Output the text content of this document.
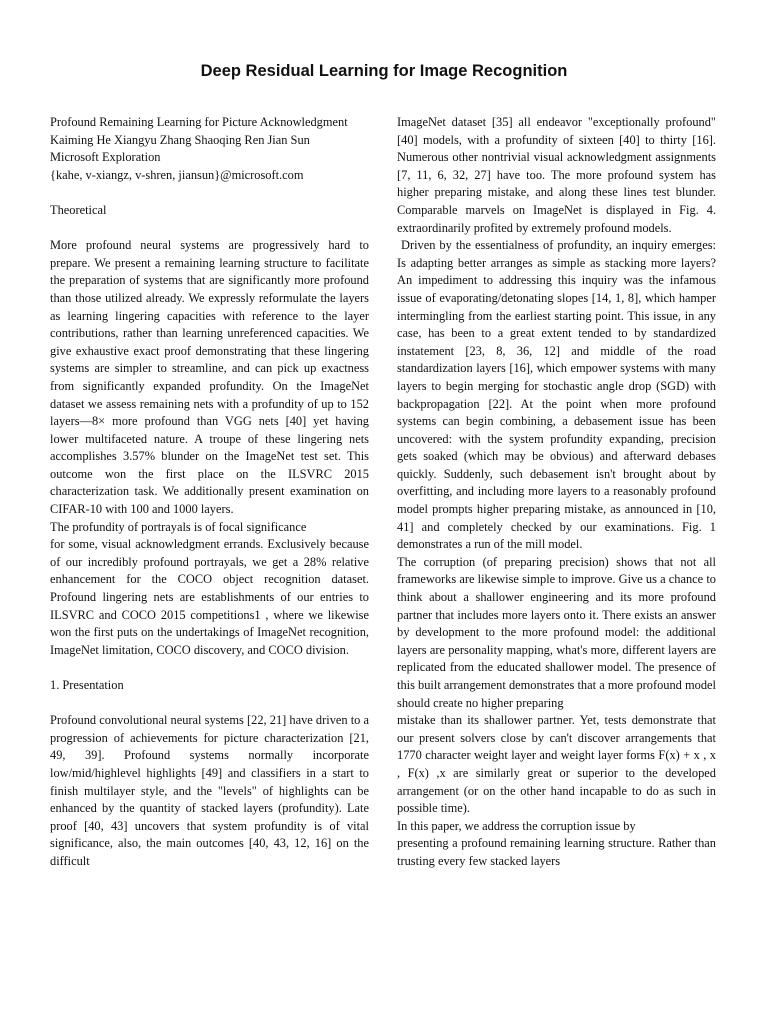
Deep Residual Learning for Image Recognition

Profound Remaining Learning for Picture Acknowledgment

Kaiming He Xiangyu Zhang Shaoqing Ren Jian Sun

Microsoft Exploration

{kahe, v-xiangz, v-shren, jiansun}@microsoft.com

Theoretical

More profound neural systems are progressively hard to prepare. We present a remaining learning structure to facilitate the preparation of systems that are significantly more profound than those utilized already. We expressly reformulate the layers as learning lingering capacities with reference to the layer contributions, rather than learning unreferenced capacities. We give exhaustive exact proof demonstrating that these lingering systems are simpler to streamline, and can pick up exactness from significantly expanded profundity. On the ImageNet dataset we assess remaining nets with a profundity of up to 152 layers—8× more profound than VGG nets [40] yet having lower multifaceted nature. A troupe of these lingering nets accomplishes 3.57% blunder on the ImageNet test set. This outcome won the first place on the ILSVRC 2015 characterization task. We additionally present examination on CIFAR-10 with 100 and 1000 layers.

The profundity of portrayals is of focal significance

for some, visual acknowledgment errands. Exclusively because of our incredibly profound portrayals, we get a 28% relative enhancement for the COCO object recognition dataset. Profound lingering nets are establishments of our entries to ILSVRC and COCO 2015 competitions1 , where we likewise won the first puts on the undertakings of ImageNet recognition, ImageNet limitation, COCO discovery, and COCO division.

1. Presentation

Profound convolutional neural systems [22, 21] have driven to a progression of achievements for picture characterization [21, 49, 39]. Profound systems normally incorporate low/mid/highlevel highlights [49] and classifiers in a start to finish multilayer style, and the "levels" of highlights can be enhanced by the quantity of stacked layers (profundity). Late proof [40, 43] uncovers that system profundity is of vital significance, also, the main outcomes [40, 43, 12, 16] on the difficult

ImageNet dataset [35] all endeavor "exceptionally profound" [40] models, with a profundity of sixteen [40] to thirty [16]. Numerous other nontrivial visual acknowledgment assignments [7, 11, 6, 32, 27] have too. The more profound system has higher preparing mistake, and along these lines test blunder. Comparable marvels on ImageNet is displayed in Fig. 4. extraordinarily profited by extremely profound models.

Driven by the essentialness of profundity, an inquiry emerges: Is adapting better arranges as simple as stacking more layers? An impediment to addressing this inquiry was the infamous issue of evaporating/detonating slopes [14, 1, 8], which hamper intermingling from the earliest starting point. This issue, in any case, has been to a great extent tended to by standardized instatement [23, 8, 36, 12] and middle of the road standardization layers [16], which empower systems with many layers to begin merging for stochastic angle drop (SGD) with backpropagation [22]. At the point when more profound systems can begin combining, a debasement issue has been uncovered: with the system profundity expanding, precision gets soaked (which may be obvious) and afterward debases quickly. Suddenly, such debasement isn't brought about by overfitting, and including more layers to a reasonably profound model prompts higher preparing mistake, as announced in [10, 41] and completely checked by our examinations. Fig. 1 demonstrates a run of the mill model.

The corruption (of preparing precision) shows that not all frameworks are likewise simple to improve. Give us a chance to think about a shallower engineering and its more profound partner that includes more layers onto it. There exists an answer by development to the more profound model: the additional layers are personality mapping, what's more, different layers are replicated from the educated shallower model. The presence of this built arrangement demonstrates that a more profound model should create no higher preparing

mistake than its shallower partner. Yet, tests demonstrate that our present solvers close by can't discover arrangements that 1770 character weight layer and weight layer forms F(x) + x , x , F(x) ,x are similarly great or superior to the developed arrangement (or on the other hand incapable to do as such in possible time).

In this paper, we address the corruption issue by

presenting a profound remaining learning structure. Rather than trusting every few stacked layers
